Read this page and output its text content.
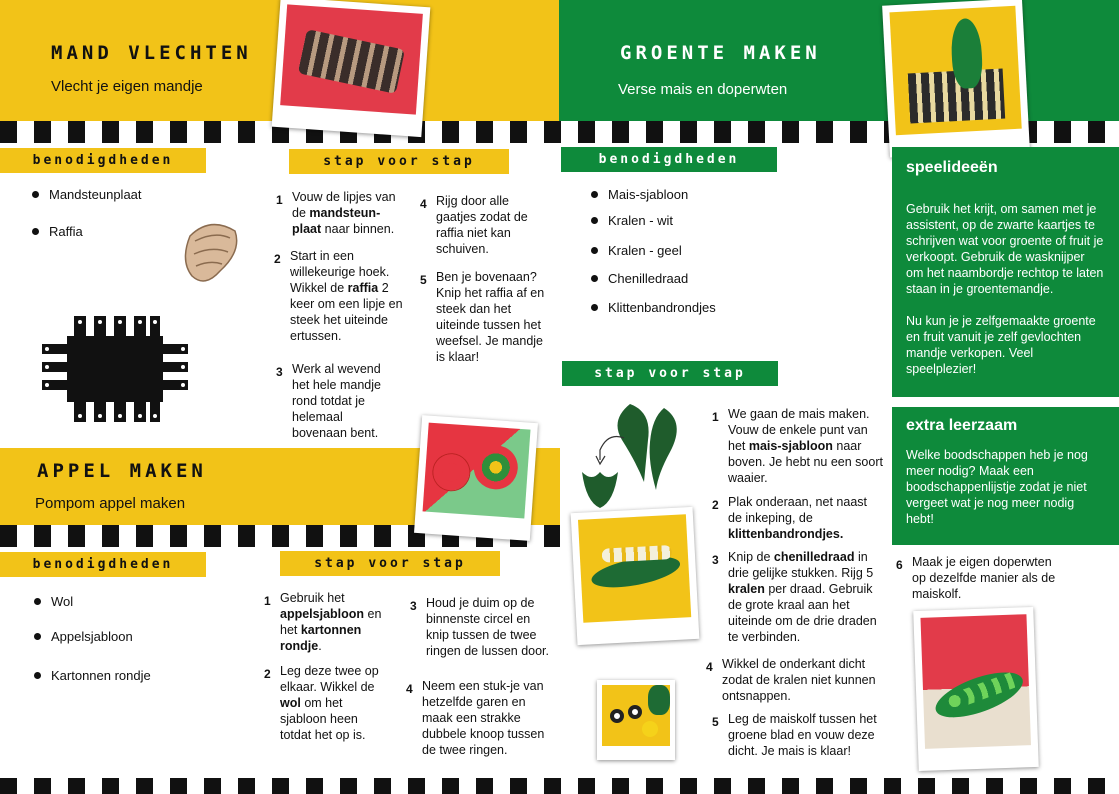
MAND VLECHTEN
Vlecht je eigen mandje
GROENTE MAKEN
Verse mais en doperwten
benodigdheden	stap voor stap
Mandsteunplaat
Raffia
1 Vouw de lipjes van de mandsteun-plaat naar binnen.
2 Start in een willekeurige hoek. Wikkel de raffia 2 keer om een lipje en steek het uiteinde ertussen.
3 Werk al wevend het hele mandje rond totdat je helemaal bovenaan bent.
4 Rijg door alle gaatjes zodat de raffia niet kan schuiven.
5 Ben je bovenaan? Knip het raffia af en steek dan het uiteinde tussen het weefsel. Je mandje is klaar!
APPEL MAKEN
Pompom appel maken
benodigdheden	stap voor stap
Wol
Appelsjabloon
Kartonnen rondje
1 Gebruik het appelsjabloon en het kartonnen rondje.
2 Leg deze twee op elkaar. Wikkel de wol om het sjabloon heen totdat het op is.
3 Houd je duim op de binnenste circel en knip tussen de twee ringen de lussen door.
4 Neem een stuk-je van hetzelfde garen en maak een strakke dubbele knoop tussen de twee ringen.
benodigdheden
Mais-sjabloon
Kralen - wit
Kralen - geel
Chenilledraad
Klittenbandrondjes
stap voor stap
1 We gaan de mais maken. Vouw de enkele punt van het mais-sjabloon naar boven. Je hebt nu een soort waaier.
2 Plak onderaan, net naast de inkeping, de klittenbandrondjes.
3 Knip de chenilledraad in drie gelijke stukken. Rijg 5 kralen per draad. Gebruik de grote kraal aan het uiteinde om de drie draden te verbinden.
4 Wikkel de onderkant dicht zodat de kralen niet kunnen ontsnappen.
5 Leg de maiskolf tussen het groene blad en vouw deze dicht. Je mais is klaar!
6 Maak je eigen doperwten op dezelfde manier als de maiskolf.
speelideeën

Gebruik het krijt, om samen met je assistent, op de zwarte kaartjes te schrijven wat voor groente of fruit je verkoopt. Gebruik de wasknijper om het naambordje rechtop te laten staan in je groentemandje.

Nu kun je je zelfgemaakte groente en fruit vanuit je zelf gevlochten mandje verkopen. Veel speelplezier!

extra leerzaam

Welke boodschappen heb je nog meer nodig? Maak een boodschappenlijstje zodat je niet vergeet wat je nog meer nodig hebt!
